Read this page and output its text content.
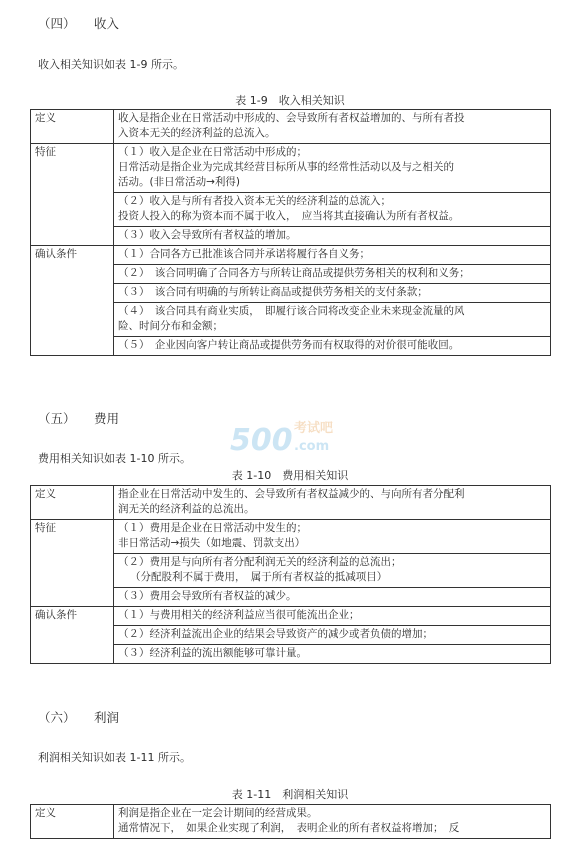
（四） 收入
收入相关知识如表 1-9 所示。
表 1-9　收入相关知识
定义	收入是指企业在日常活动中形成的、会导致所有者权益增加的、与所有者投
入资本无关的经济利益的总流入。

特征	（１）收入是企业在日常活动中形成的；
日常活动是指企业为完成其经营目标所从事的经常性活动以及与之相关的
活动。(非日常活动→利得)

	（２）收入是与所有者投入资本无关的经济利益的总流入；
投资人投入的称为资本而不属于收入，　应当将其直接确认为所有者权益。

	（３）收入会导致所有者权益的增加。

确认条件	（１）合同各方已批准该合同并承诺将履行各自义务；

	（２）　该合同明确了合同各方与所转让商品或提供劳务相关的权利和义务；

	（３）　该合同有明确的与所转让商品或提供劳务相关的支付条款；

	（４）　该合同具有商业实质，　即履行该合同将改变企业未来现金流量的风
险、时间分布和金额；

	（５）　企业因向客户转让商品或提供劳务而有权取得的对价很可能收回。
（五） 费用
费用相关知识如表 1-10 所示。
表 1-10　费用相关知识
定义	指企业在日常活动中发生的、会导致所有者权益减少的、与向所有者分配利
润无关的经济利益的总流出。

特征	（１）费用是企业在日常活动中发生的；
非日常活动→损失（如地震、罚款支出）

	（２）费用是与向所有者分配利润无关的经济利益的总流出；
（分配股利不属于费用，　属于所有者权益的抵减项目）

	（３）费用会导致所有者权益的减少。

确认条件	（１）与费用相关的经济利益应当很可能流出企业；

	（２）经济利益流出企业的结果会导致资产的减少或者负债的增加；

	（３）经济利益的流出额能够可靠计量。
（六） 利润
利润相关知识如表 1-11 所示。
表 1-11　利润相关知识
定义	利润是指企业在一定会计期间的经营成果。
通常情况下，　如果企业实现了利润，　表明企业的所有者权益将增加；　反
500 考试吧
.com
